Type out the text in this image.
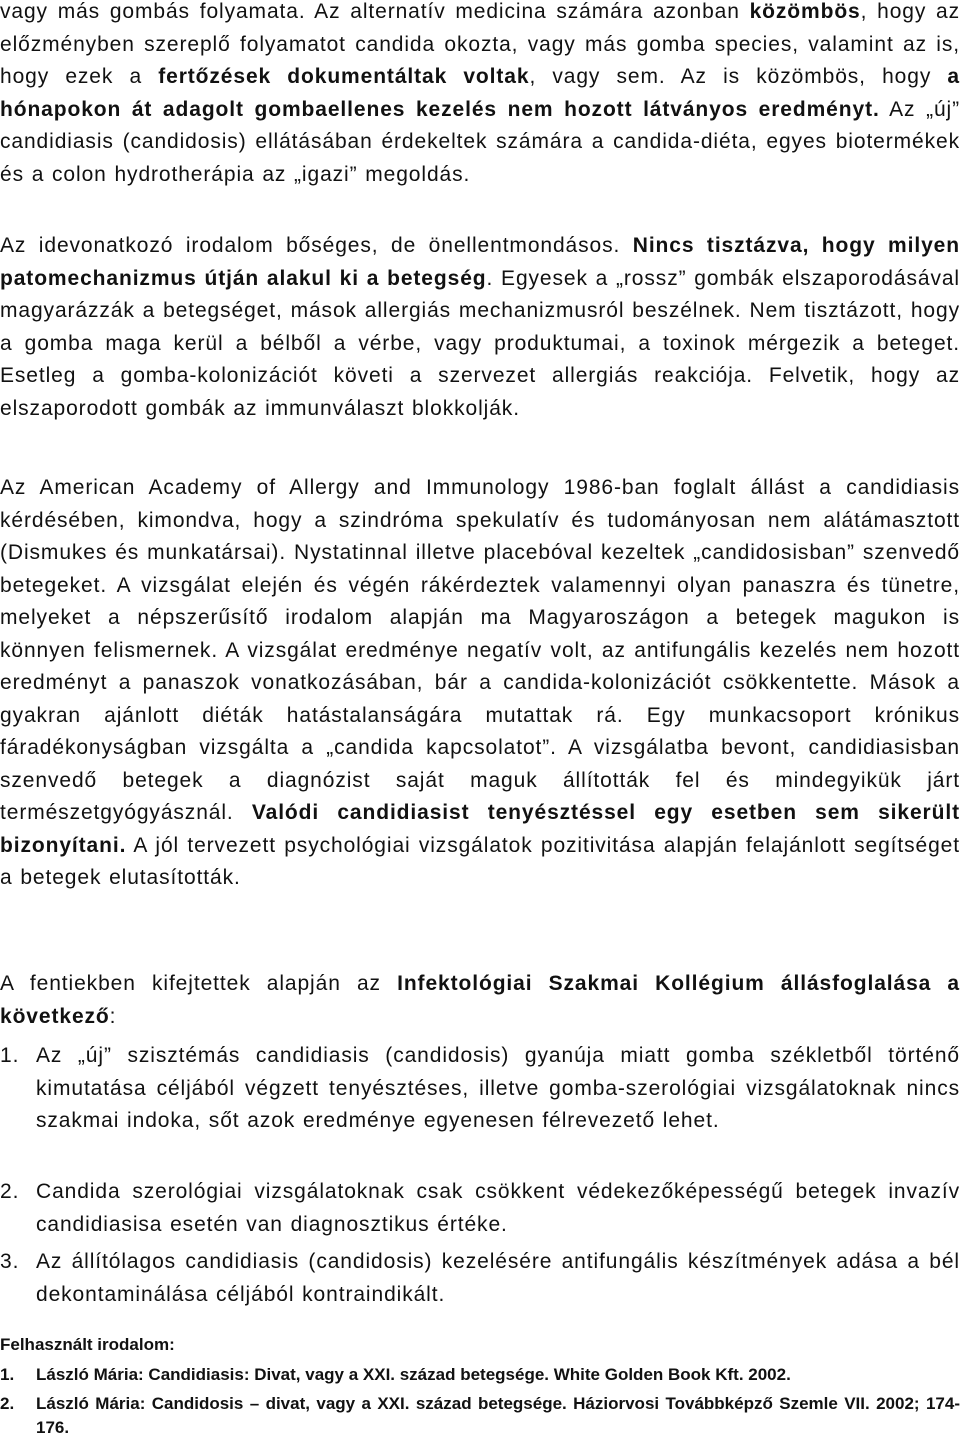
vagy más gombás folyamata. Az alternatív medicina számára azonban közömbös, hogy az előzményben szereplő folyamatot candida okozta, vagy más gomba species, valamint az is, hogy ezek a fertőzések dokumentáltak voltak, vagy sem. Az is közömbös, hogy a hónapokon át adagolt gombaellenes kezelés nem hozott látványos eredményt. Az „új” candidiasis (candidosis) ellátásában érdekeltek számára a candida-diéta, egyes biotermékek és a colon hydrotherápia az „igazi” megoldás.

Az idevonatkozó irodalom bőséges, de önellentmondásos. Nincs tisztázva, hogy milyen patomechanizmus útján alakul ki a betegség. Egyesek a „rossz” gombák elszaporodásával magyarázzák a betegséget, mások allergiás mechanizmusról beszélnek. Nem tisztázott, hogy a gomba maga kerül a bélből a vérbe, vagy produktumai, a toxinok mérgezik a beteget. Esetleg a gomba-kolonizációt követi a szervezet allergiás reakciója. Felvetik, hogy az elszaporodott gombák az immunválaszt blokkolják.

Az American Academy of Allergy and Immunology 1986-ban foglalt állást a candidiasis kérdésében, kimondva, hogy a szindróma spekulatív és tudományosan nem alátámasztott (Dismukes és munkatársai). Nystatinnal illetve placebóval kezeltek „candidosisban” szenvedő betegeket. A vizsgálat elején és végén rákérdeztek valamennyi olyan panaszra és tünetre, melyeket a népszerűsítő irodalom alapján ma Magyaroszágon a betegek magukon is könnyen felismernek. A vizsgálat eredménye negatív volt, az antifungális kezelés nem hozott eredményt a panaszok vonatkozásában, bár a candida-kolonizációt csökkentette. Mások a gyakran ajánlott diéták hatástalanságára mutattak rá. Egy munkacsoport krónikus fáradékonyságban vizsgálta a „candida kapcsolatot”. A vizsgálatba bevont, candidiasisban szenvedő betegek a diagnózist saját maguk állították fel és mindegyikük járt természetgyógyásznál. Valódi candidiasist tenyésztéssel egy esetben sem sikerült bizonyítani. A jól tervezett psychológiai vizsgálatok pozitivitása alapján felajánlott segítséget a betegek elutasították.

A fentiekben kifejtettek alapján az Infektológiai Szakmai Kollégium állásfoglalása a következő:

1. Az „új” szisztémás candidiasis (candidosis) gyanúja miatt gomba székletből történő kimutatása céljából végzett tenyésztéses, illetve gomba-szerológiai vizsgálatoknak nincs szakmai indoka, sőt azok eredménye egyenesen félrevezető lehet.
2. Candida szerológiai vizsgálatoknak csak csökkent védekezőképességű betegek invazív candidiasisa esetén van diagnosztikus értéke.
3. Az állítólagos candidiasis (candidosis) kezelésére antifungális készítmények adása a bél dekontaminálása céljából kontraindikált.

Felhasznált irodalom:

1. László Mária: Candidiasis: Divat, vagy a XXI. század betegsége. White Golden Book Kft. 2002.
2. László Mária: Candidosis – divat, vagy a XXI. század betegsége. Háziorvosi Továbbképző Szemle VII. 2002; 174-176.
